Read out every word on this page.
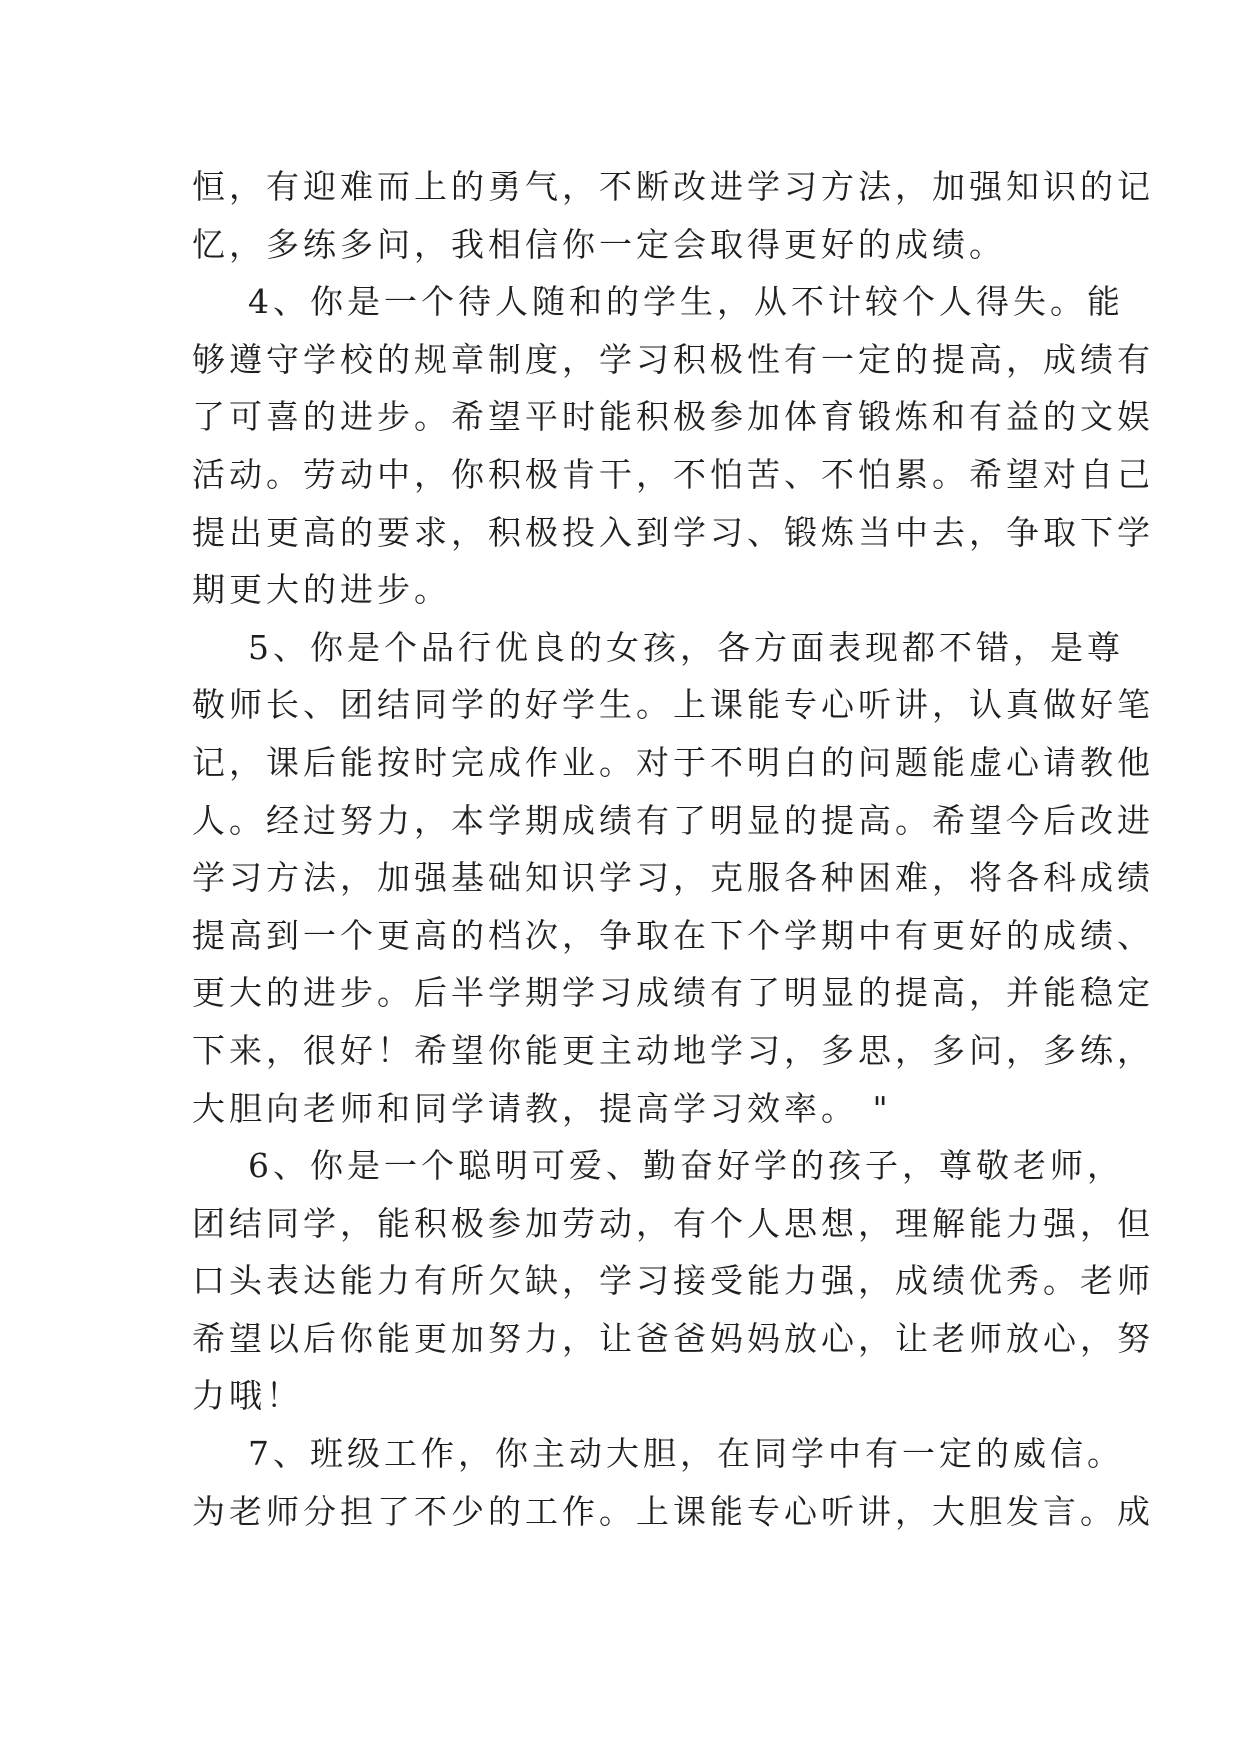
恒，有迎难而上的勇气，不断改进学习方法，加强知识的记
忆，多练多问，我相信你一定会取得更好的成绩。
4、你是一个待人随和的学生，从不计较个人得失。能
够遵守学校的规章制度，学习积极性有一定的提高，成绩有
了可喜的进步。希望平时能积极参加体育锻炼和有益的文娱
活动。劳动中，你积极肯干，不怕苦、不怕累。希望对自己
提出更高的要求，积极投入到学习、锻炼当中去，争取下学
期更大的进步。
5、你是个品行优良的女孩，各方面表现都不错，是尊
敬师长、团结同学的好学生。上课能专心听讲，认真做好笔
记，课后能按时完成作业。对于不明白的问题能虚心请教他
人。经过努力，本学期成绩有了明显的提高。希望今后改进
学习方法，加强基础知识学习，克服各种困难，将各科成绩
提高到一个更高的档次，争取在下个学期中有更好的成绩、
更大的进步。后半学期学习成绩有了明显的提高，并能稳定
下来，很好！希望你能更主动地学习，多思，多问，多练，
大胆向老师和同学请教，提高学习效率。 "
6、你是一个聪明可爱、勤奋好学的孩子，尊敬老师，
团结同学，能积极参加劳动，有个人思想，理解能力强，但
口头表达能力有所欠缺，学习接受能力强，成绩优秀。老师
希望以后你能更加努力，让爸爸妈妈放心，让老师放心，努
力哦！
7、班级工作，你主动大胆，在同学中有一定的威信。
为老师分担了不少的工作。上课能专心听讲，大胆发言。成
